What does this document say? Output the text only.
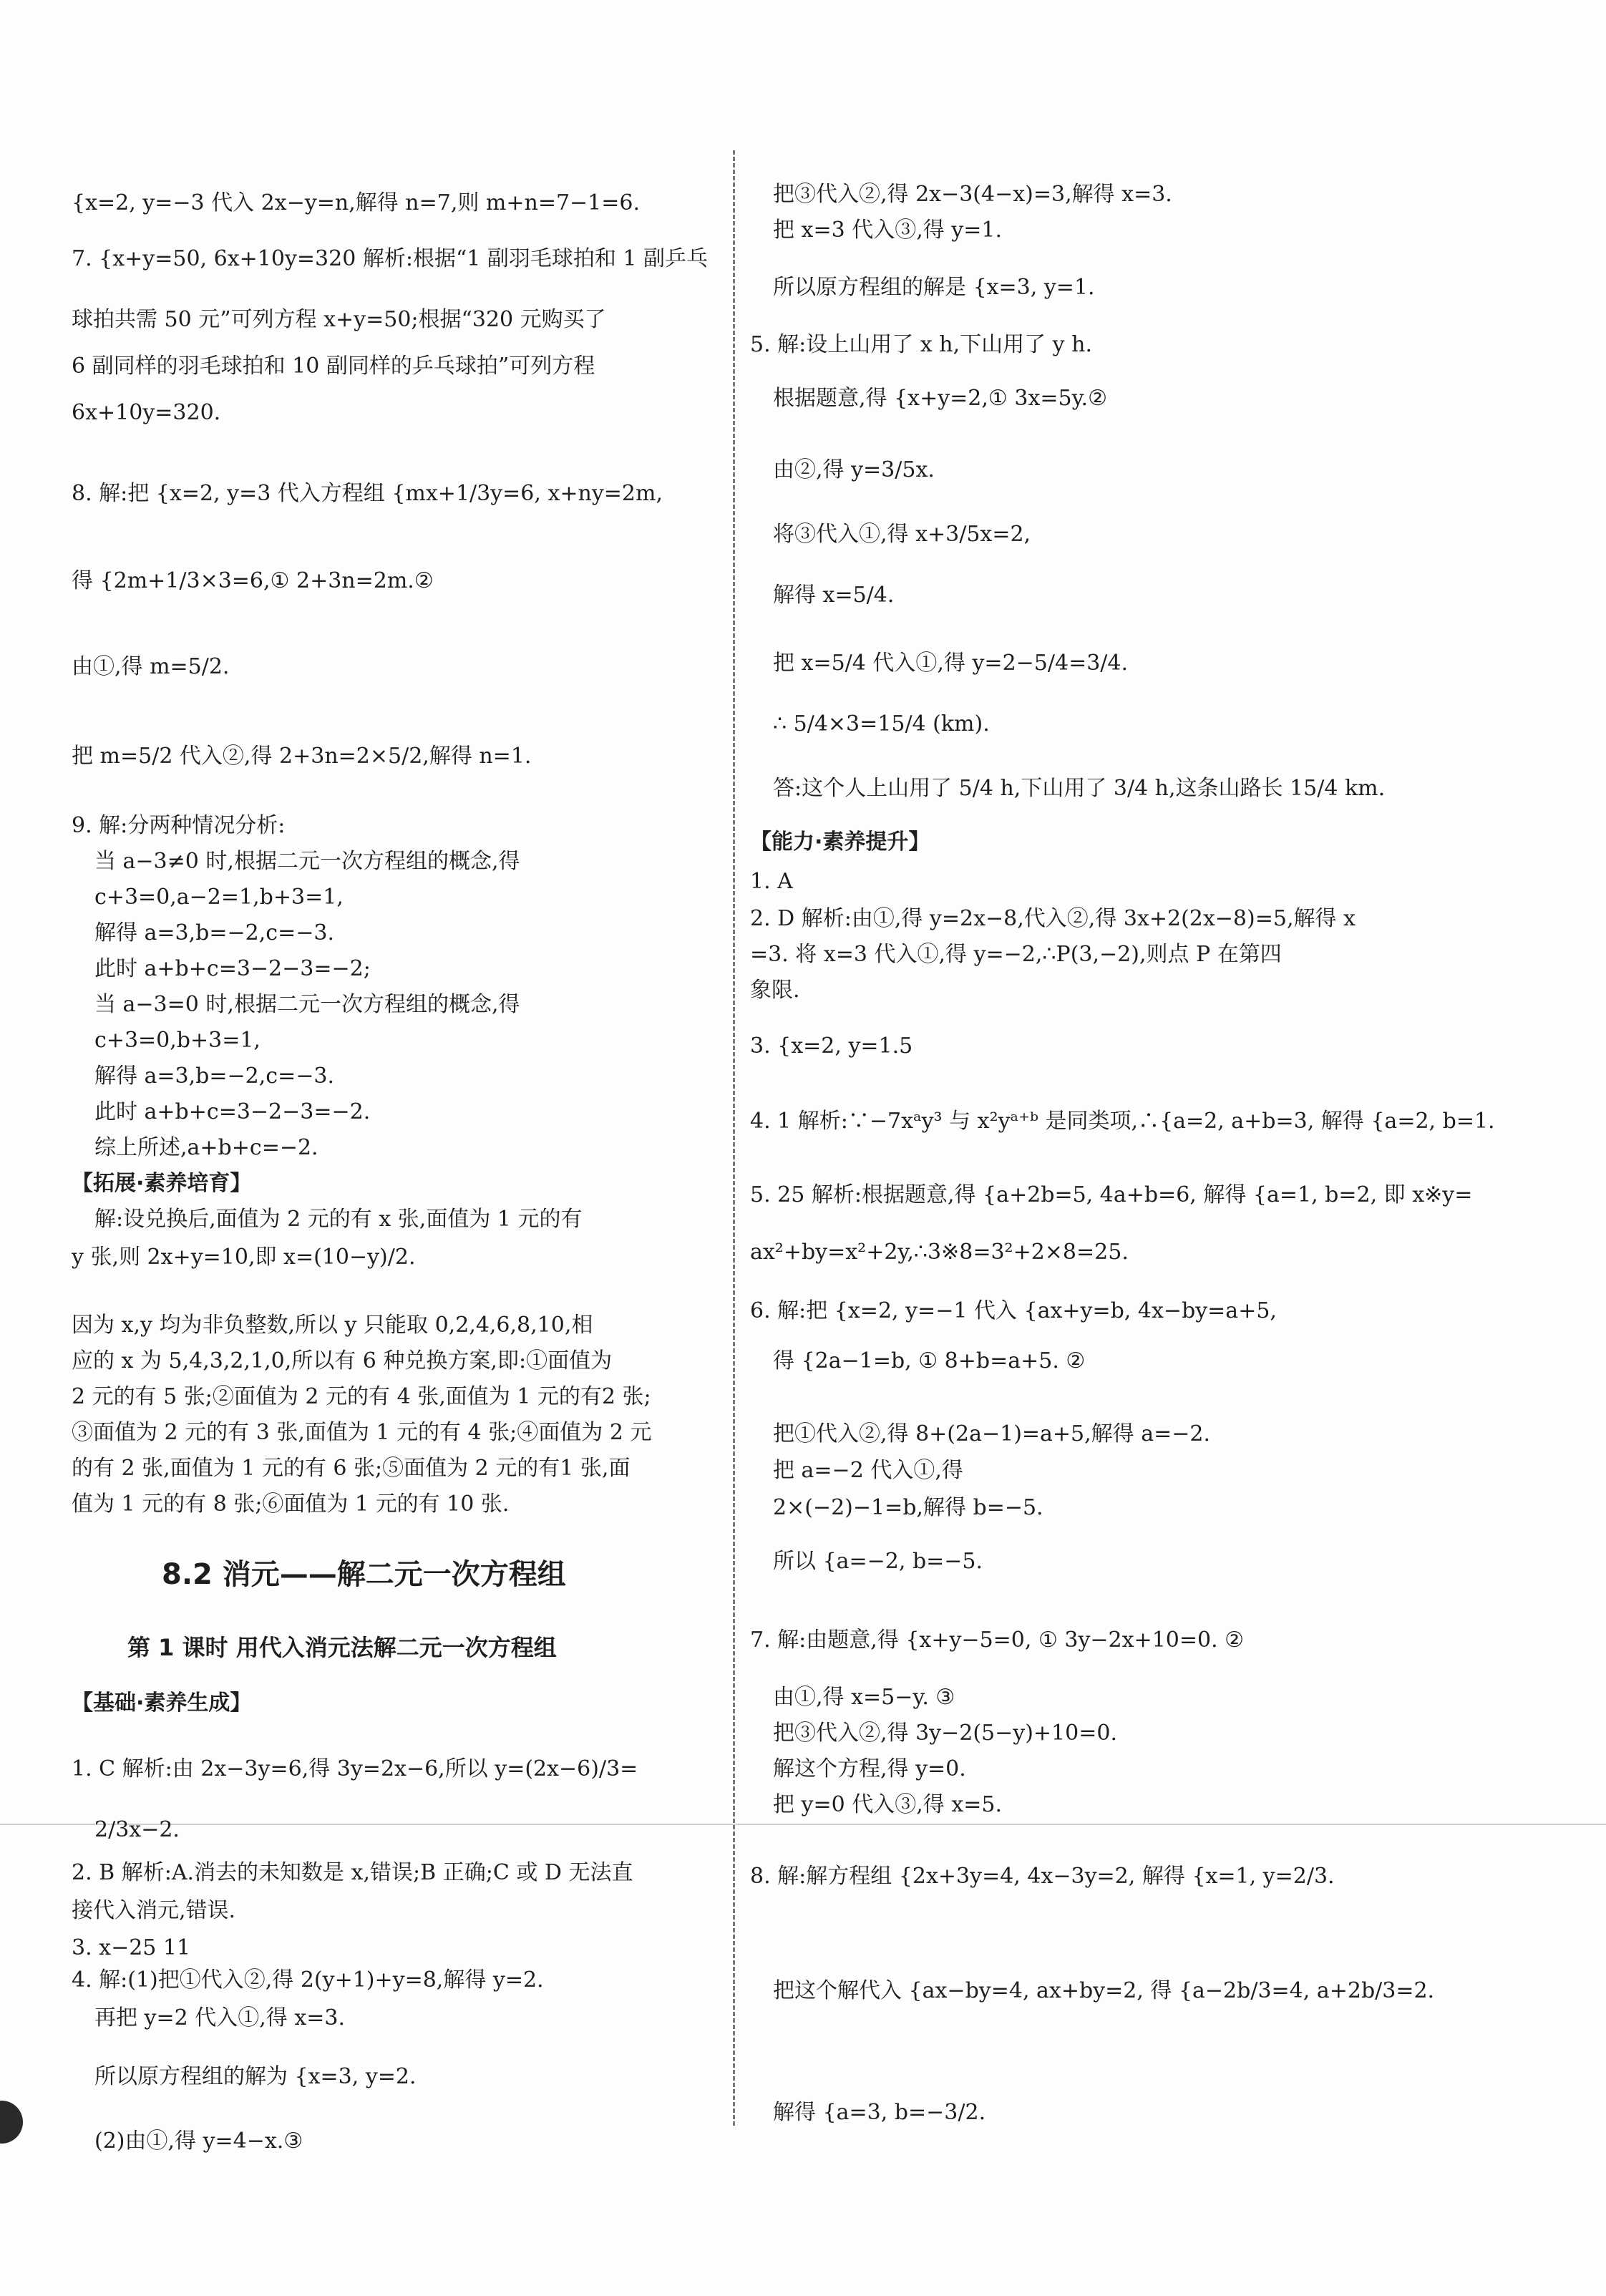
{x=2, y=−3 代入 2x−y=n,解得 n=7,则 m+n=7−1=6.
7. {x+y=50, 6x+10y=320 解析:根据“1 副羽毛球拍和 1 副乒乓
球拍共需 50 元”可列方程 x+y=50;根据“320 元购买了
6 副同样的羽毛球拍和 10 副同样的乒乓球拍”可列方程
6x+10y=320.
8. 解:把 {x=2, y=3 代入方程组 {mx+1/3y=6, x+ny=2m,
得 {2m+1/3×3=6,① 2+3n=2m.②
由①,得 m=5/2.
把 m=5/2 代入②,得 2+3n=2×5/2,解得 n=1.
9. 解:分两种情况分析:
当 a−3≠0 时,根据二元一次方程组的概念,得
c+3=0,a−2=1,b+3=1,
解得 a=3,b=−2,c=−3.
此时 a+b+c=3−2−3=−2;
当 a−3=0 时,根据二元一次方程组的概念,得
c+3=0,b+3=1,
解得 a=3,b=−2,c=−3.
此时 a+b+c=3−2−3=−2.
综上所述,a+b+c=−2.
【拓展·素养培育】
解:设兑换后,面值为 2 元的有 x 张,面值为 1 元的有
y 张,则 2x+y=10,即 x=(10−y)/2.
因为 x,y 均为非负整数,所以 y 只能取 0,2,4,6,8,10,相
应的 x 为 5,4,3,2,1,0,所以有 6 种兑换方案,即:①面值为
2 元的有 5 张;②面值为 2 元的有 4 张,面值为 1 元的有2 张;
③面值为 2 元的有 3 张,面值为 1 元的有 4 张;④面值为 2 元
的有 2 张,面值为 1 元的有 6 张;⑤面值为 2 元的有1 张,面
值为 1 元的有 8 张;⑥面值为 1 元的有 10 张.
8.2 消元——解二元一次方程组
第 1 课时 用代入消元法解二元一次方程组
【基础·素养生成】
1. C 解析:由 2x−3y=6,得 3y=2x−6,所以 y=(2x−6)/3=
2/3x−2.
2. B 解析:A.消去的未知数是 x,错误;B 正确;C 或 D 无法直
接代入消元,错误.
3. x−25 11
4. 解:(1)把①代入②,得 2(y+1)+y=8,解得 y=2.
再把 y=2 代入①,得 x=3.
所以原方程组的解为 {x=3, y=2.
(2)由①,得 y=4−x.③
把③代入②,得 2x−3(4−x)=3,解得 x=3.
把 x=3 代入③,得 y=1.
所以原方程组的解是 {x=3, y=1.
5. 解:设上山用了 x h,下山用了 y h.
根据题意,得 {x+y=2,① 3x=5y.②
由②,得 y=3/5x.
将③代入①,得 x+3/5x=2,
解得 x=5/4.
把 x=5/4 代入①,得 y=2−5/4=3/4.
∴ 5/4×3=15/4 (km).
答:这个人上山用了 5/4 h,下山用了 3/4 h,这条山路长 15/4 km.
【能力·素养提升】
1. A
2. D 解析:由①,得 y=2x−8,代入②,得 3x+2(2x−8)=5,解得 x
=3. 将 x=3 代入①,得 y=−2,∴P(3,−2),则点 P 在第四
象限.
3. {x=2, y=1.5
4. 1 解析:∵−7xᵃy³ 与 x²yᵃ⁺ᵇ 是同类项,∴{a=2, a+b=3, 解得 {a=2, b=1.
5. 25 解析:根据题意,得 {a+2b=5, 4a+b=6, 解得 {a=1, b=2, 即 x※y=
ax²+by=x²+2y,∴3※8=3²+2×8=25.
6. 解:把 {x=2, y=−1 代入 {ax+y=b, 4x−by=a+5,
得 {2a−1=b, ① 8+b=a+5. ②
把①代入②,得 8+(2a−1)=a+5,解得 a=−2.
把 a=−2 代入①,得
2×(−2)−1=b,解得 b=−5.
所以 {a=−2, b=−5.
7. 解:由题意,得 {x+y−5=0, ① 3y−2x+10=0. ②
由①,得 x=5−y. ③
把③代入②,得 3y−2(5−y)+10=0.
解这个方程,得 y=0.
把 y=0 代入③,得 x=5.
8. 解:解方程组 {2x+3y=4, 4x−3y=2, 解得 {x=1, y=2/3.
把这个解代入 {ax−by=4, ax+by=2, 得 {a−2b/3=4, a+2b/3=2.
解得 {a=3, b=−3/2.
